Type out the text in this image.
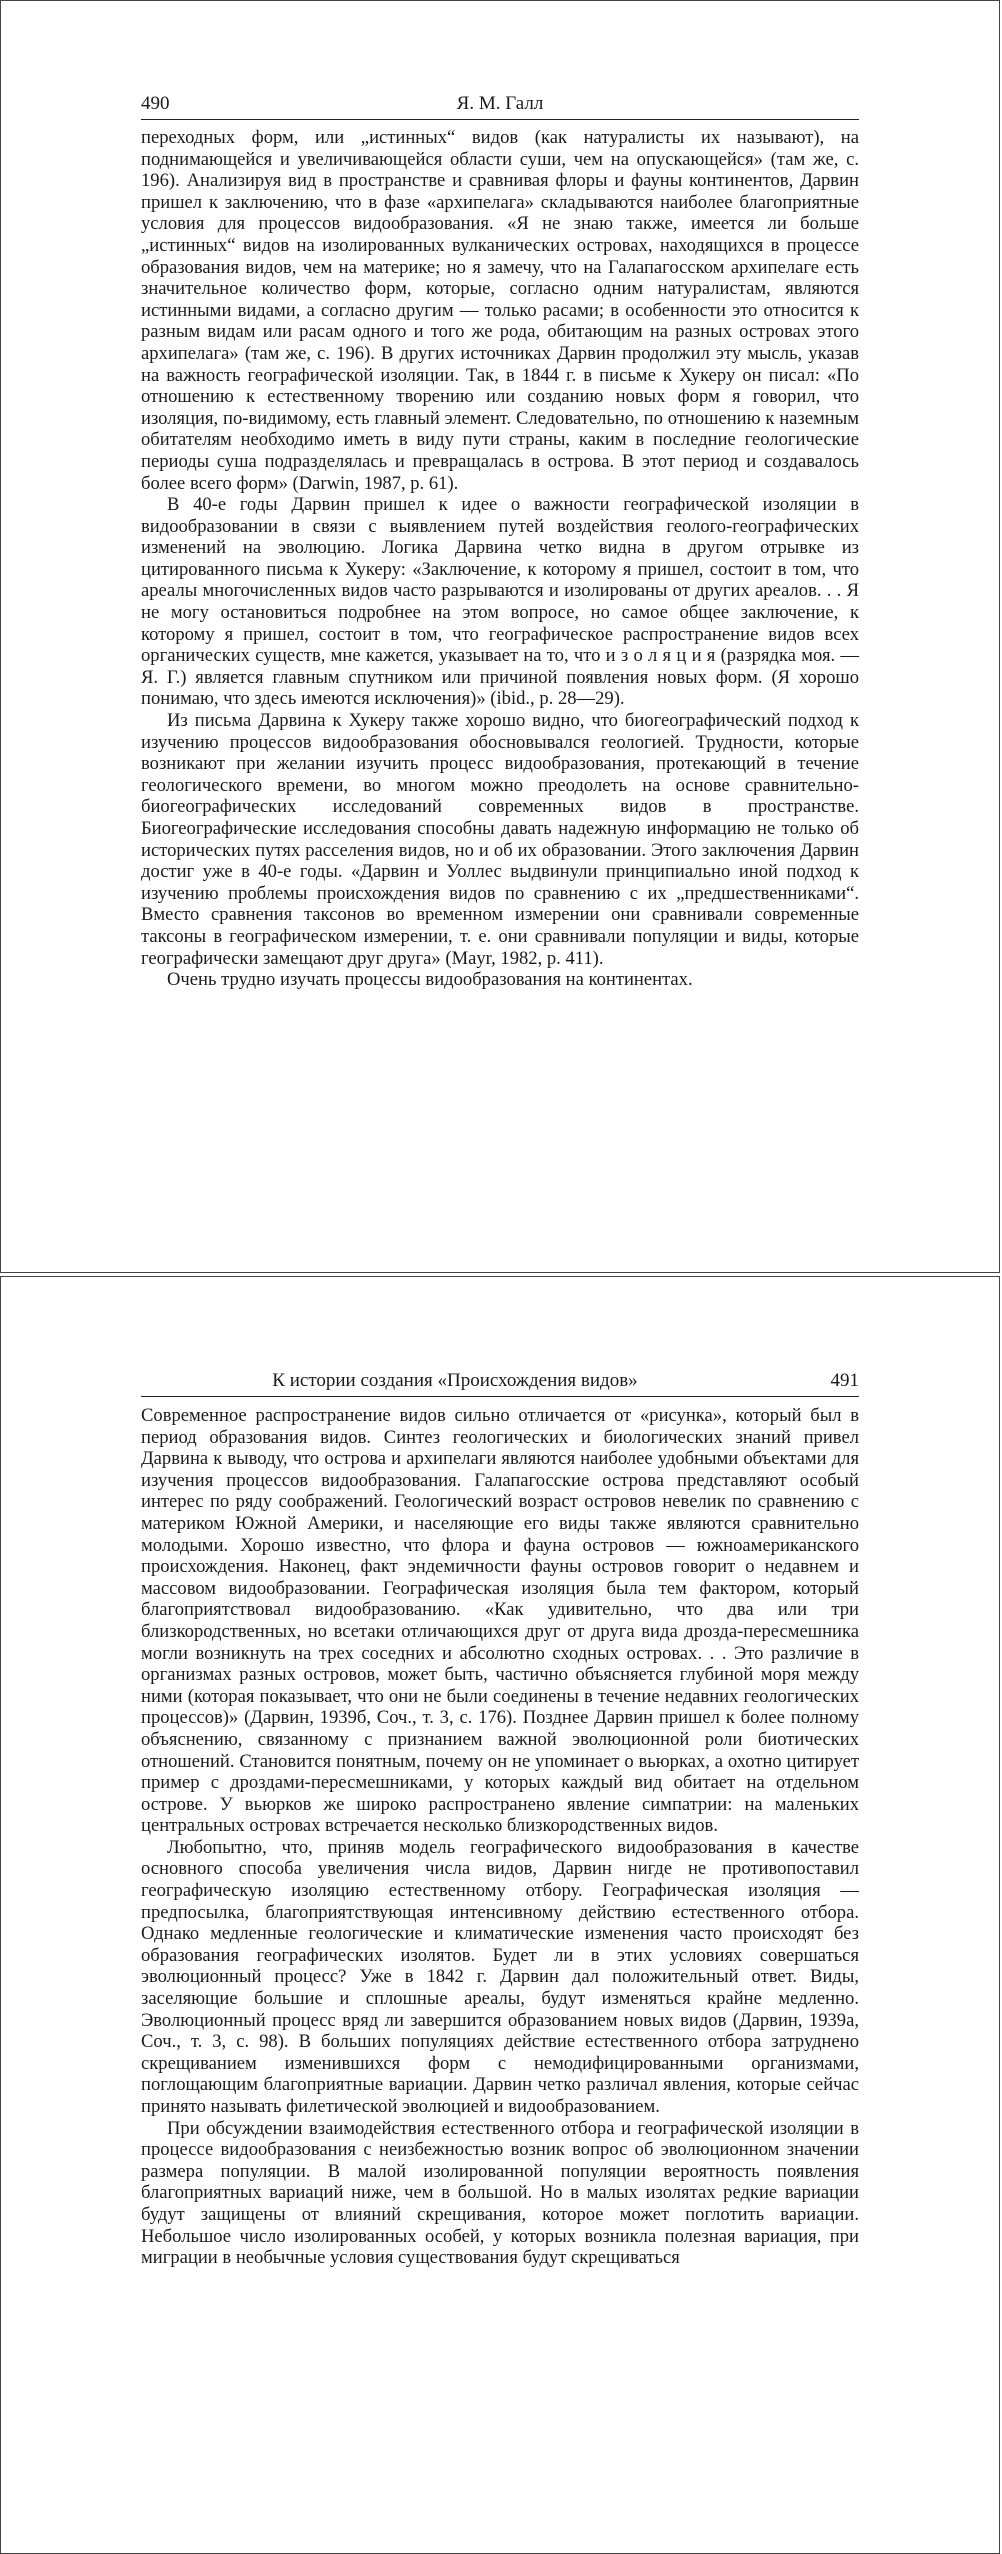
490	Я. М. Галл

переходных форм, или „истинных“ видов (как натуралисты их называют), на поднимающейся и увеличивающейся области суши, чем на опускающейся» (там же, с. 196). Анализируя вид в пространстве и сравнивая флоры и фауны континентов, Дарвин пришел к заключению, что в фазе «архипелага» складываются наиболее благоприятные условия для процессов видообразования. «Я не знаю также, имеется ли больше „истинных“ видов на изолированных вулканических островах, находящихся в процессе образования видов, чем на материке; но я замечу, что на Галапагосском архипелаге есть значительное количество форм, которые, согласно одним натуралистам, являются истинными видами, а согласно другим — только расами; в особенности это относится к разным видам или расам одного и того же рода, обитающим на разных островах этого архипелага» (там же, с. 196). В других источниках Дарвин продолжил эту мысль, указав на важность географической изоляции. Так, в 1844 г. в письме к Хукеру он писал: «По отношению к естественному творению или созданию новых форм я говорил, что изоляция, по-видимому, есть главный элемент. Следовательно, по отношению к наземным обитателям необходимо иметь в виду пути страны, каким в последние геологические периоды суша подразделялась и превращалась в острова. В этот период и создавалось более всего форм» (Darwin, 1987, p. 61).

В 40-е годы Дарвин пришел к идее о важности географической изоляции в видообразовании в связи с выявлением путей воздействия геолого-географических изменений на эволюцию. Логика Дарвина четко видна в другом отрывке из цитированного письма к Хукеру: «Заключение, к которому я пришел, состоит в том, что ареалы многочисленных видов часто разрываются и изолированы от других ареалов. . . Я не могу остановиться подробнее на этом вопросе, но самое общее заключение, к которому я пришел, состоит в том, что географическое распространение видов всех органических существ, мне кажется, указывает на то, что и з о л я ц и я (разрядка моя. — Я. Г.) является главным спутником или причиной появления новых форм. (Я хорошо понимаю, что здесь имеются исключения)» (ibid., p. 28—29).

Из письма Дарвина к Хукеру также хорошо видно, что биогеографический подход к изучению процессов видообразования обосновывался геологией. Трудности, которые возникают при желании изучить процесс видообразования, протекающий в течение геологического времени, во многом можно преодолеть на основе сравнительно-биогеографических исследований современных видов в пространстве. Биогеографические исследования способны давать надежную информацию не только об исторических путях расселения видов, но и об их образовании. Этого заключения Дарвин достиг уже в 40-е годы. «Дарвин и Уоллес выдвинули принципиально иной подход к изучению проблемы происхождения видов по сравнению с их „предшественниками“. Вместо сравнения таксонов во временном измерении они сравнивали современные таксоны в географическом измерении, т. е. они сравнивали популяции и виды, которые географически замещают друг друга» (Mayr, 1982, p. 411).

Очень трудно изучать процессы видообразования на континентах.

К истории создания «Происхождения видов»	491

Современное распространение видов сильно отличается от «рисунка», который был в период образования видов. Синтез геологических и биологических знаний привел Дарвина к выводу, что острова и архипелаги являются наиболее удобными объектами для изучения процессов видообразования. Галапагосские острова представляют особый интерес по ряду соображений. Геологический возраст островов невелик по сравнению с материком Южной Америки, и населяющие его виды также являются сравнительно молодыми. Хорошо известно, что флора и фауна островов — южноамериканского происхождения. Наконец, факт эндемичности фауны островов говорит о недавнем и массовом видообразовании. Географическая изоляция была тем фактором, который благоприятствовал видообразованию. «Как удивительно, что два или три близкородственных, но всетаки отличающихся друг от друга вида дрозда-пересмешника могли возникнуть на трех соседних и абсолютно сходных островах. . . Это различие в организмах разных островов, может быть, частично объясняется глубиной моря между ними (которая показывает, что они не были соединены в течение недавних геологических процессов)» (Дарвин, 1939б, Соч., т. 3, с. 176). Позднее Дарвин пришел к более полному объяснению, связанному с признанием важной эволюционной роли биотических отношений. Становится понятным, почему он не упоминает о вьюрках, а охотно цитирует пример с дроздами-пересмешниками, у которых каждый вид обитает на отдельном острове. У вьюрков же широко распространено явление симпатрии: на маленьких центральных островах встречается несколько близкородственных видов.

Любопытно, что, приняв модель географического видообразования в качестве основного способа увеличения числа видов, Дарвин нигде не противопоставил географическую изоляцию естественному отбору. Географическая изоляция — предпосылка, благоприятствующая интенсивному действию естественного отбора. Однако медленные геологические и климатические изменения часто происходят без образования географических изолятов. Будет ли в этих условиях совершаться эволюционный процесс? Уже в 1842 г. Дарвин дал положительный ответ. Виды, заселяющие большие и сплошные ареалы, будут изменяться крайне медленно. Эволюционный процесс вряд ли завершится образованием новых видов (Дарвин, 1939а, Соч., т. 3, с. 98). В больших популяциях действие естественного отбора затруднено скрещиванием изменившихся форм с немодифицированными организмами, поглощающим благоприятные вариации. Дарвин четко различал явления, которые сейчас принято называть филетической эволюцией и видообразованием.

При обсуждении взаимодействия естественного отбора и географической изоляции в процессе видообразования с неизбежностью возник вопрос об эволюционном значении размера популяции. В малой изолированной популяции вероятность появления благоприятных вариаций ниже, чем в большой. Но в малых изолятах редкие вариации будут защищены от влияний скрещивания, которое может поглотить вариации. Небольшое число изолированных особей, у которых возникла полезная вариация, при миграции в необычные условия существования будут скрещиваться
